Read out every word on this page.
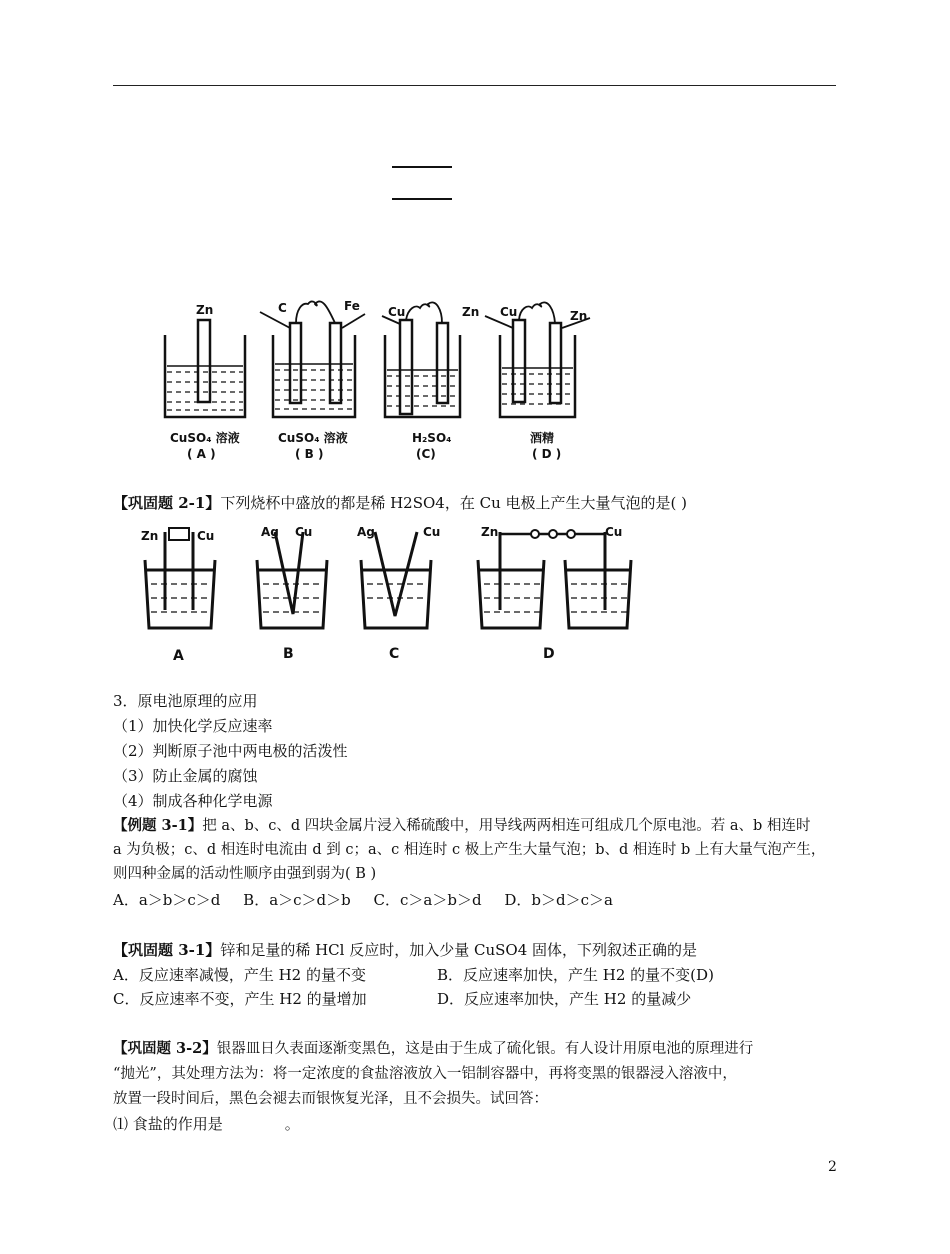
Zn	C	Fe Cu	Zn Cu	Zn
CuSO₄ 溶液
( A )
CuSO₄ 溶液
( B )
H₂SO₄
(C)
酒精
( D )
【巩固题 2-1】下列烧杯中盛放的都是稀 H2SO4，在 Cu 电极上产生大量气泡的是( )
Zn	Cu	Ag Cu	Ag	Cu	Zn	Cu
A	B	C	D
3．原电池原理的应用
（1）加快化学反应速率
（2）判断原子池中两电极的活泼性
（3）防止金属的腐蚀
（4）制成各种化学电源
【例题 3-1】把 a、b、c、d 四块金属片浸入稀硫酸中，用导线两两相连可组成几个原电池。若 a、b 相连时
a 为负极；c、d 相连时电流由 d 到 c；a、c 相连时 c 极上产生大量气泡；b、d 相连时 b 上有大量气泡产生，
则四种金属的活动性顺序由强到弱为( B )
A．a＞b＞c＞d B．a＞c＞d＞b C．c＞a＞b＞d D．b＞d＞c＞a
【巩固题 3-1】锌和足量的稀 HCl 反应时，加入少量 CuSO4 固体，下列叙述正确的是
A．反应速率减慢，产生 H2 的量不变	B．反应速率加快，产生 H2 的量不变(D)
C．反应速率不变，产生 H2 的量增加	D．反应速率加快，产生 H2 的量减少
【巩固题 3-2】银器皿日久表面逐渐变黑色，这是由于生成了硫化银。有人设计用原电池的原理进行
“抛光”，其处理方法为：将一定浓度的食盐溶液放入一铝制容器中，再将变黑的银器浸入溶液中，
放置一段时间后，黑色会褪去而银恢复光泽，且不会损失。试回答：
⑴ 食盐的作用是	。
2
